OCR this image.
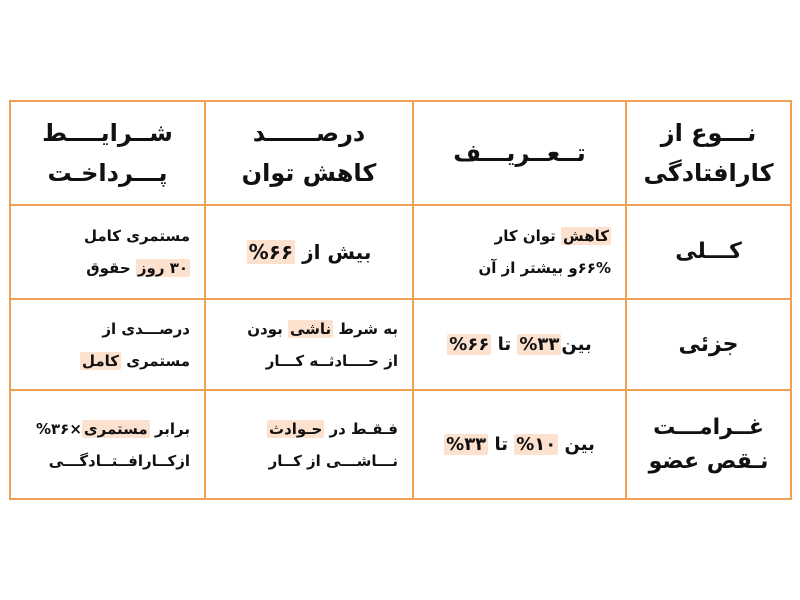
شــرایــــط
پـــرداخـت
درصــــــد
کاهش توان
تــعــریـــف
نـــوع از
کارافتادگی
مستمری کامل
۳۰ روز حقوق
بیش از ۶۶%
کاهش توان کار
۶۶%و بیشتر از آن
کـــلی
درصـــدی از
مستمری کامل
به شرط ناشی بودن
از حــــادثــه کـــار
بین۳۳% تا ۶۶%	جزئی
برابر مستمری×۳۶%
ازکــارافــتــادگـــی
فـقـط در حـوادث
نـــاشـــی از کــار
بین ۱۰% تا ۳۳%
غــرامـــت
نـقص عضو
